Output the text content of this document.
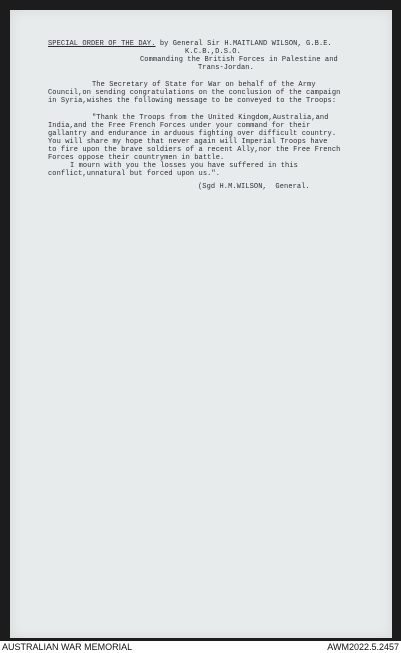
SPECIAL ORDER OF THE DAY. by General Sir H.MAITLAND WILSON, G.B.E.
K.C.B.,D.S.O.
Commanding the British Forces in Palestine and
Trans-Jordan.
The Secretary of State for War on behalf of the Army
Council,on sending congratulations on the conclusion of the campaign
in Syria,wishes the following message to be conveyed to the Troops:
"Thank the Troops from the United Kingdom,Australia,and
India,and the Free French Forces under your command for their
gallantry and endurance in arduous fighting over difficult country.
You will share my hope that never again will Imperial Troops have
to fire upon the brave soldiers of a recent Ally,nor the Free French
Forces oppose their countrymen in battle.
I mourn with you the losses you have suffered in this
conflict,unnatural but forced upon us.".
(Sgd H.M.WILSON,  General.
AUSTRALIAN WAR MEMORIAL	AWM2022.5.2457
